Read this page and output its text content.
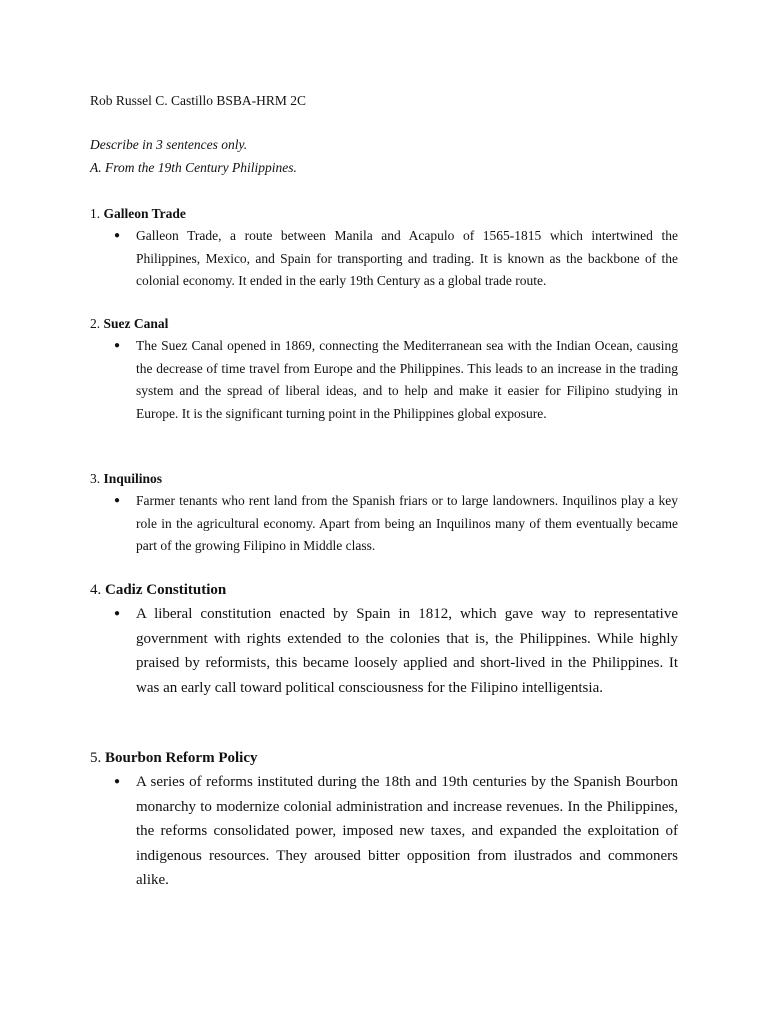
Rob Russel C. Castillo BSBA-HRM 2C
Describe in 3 sentences only.
A. From the 19th Century Philippines.
1. Galleon Trade
● Galleon Trade, a route between Manila and Acapulo of 1565-1815 which intertwined the Philippines, Mexico, and Spain for transporting and trading. It is known as the backbone of the colonial economy. It ended in the early 19th Century as a global trade route.
2. Suez Canal
● The Suez Canal opened in 1869, connecting the Mediterranean sea with the Indian Ocean, causing the decrease of time travel from Europe and the Philippines. This leads to an increase in the trading system and the spread of liberal ideas, and to help and make it easier for Filipino studying in Europe. It is the significant turning point in the Philippines global exposure.
3. Inquilinos
● Farmer tenants who rent land from the Spanish friars or to large landowners. Inquilinos play a key role in the agricultural economy. Apart from being an Inquilinos many of them eventually became part of the growing Filipino in Middle class.
4. Cadiz Constitution
● A liberal constitution enacted by Spain in 1812, which gave way to representative government with rights extended to the colonies that is, the Philippines. While highly praised by reformists, this became loosely applied and short-lived in the Philippines. It was an early call toward political consciousness for the Filipino intelligentsia.
5. Bourbon Reform Policy
● A series of reforms instituted during the 18th and 19th centuries by the Spanish Bourbon monarchy to modernize colonial administration and increase revenues. In the Philippines, the reforms consolidated power, imposed new taxes, and expanded the exploitation of indigenous resources. They aroused bitter opposition from ilustrados and commoners alike.
